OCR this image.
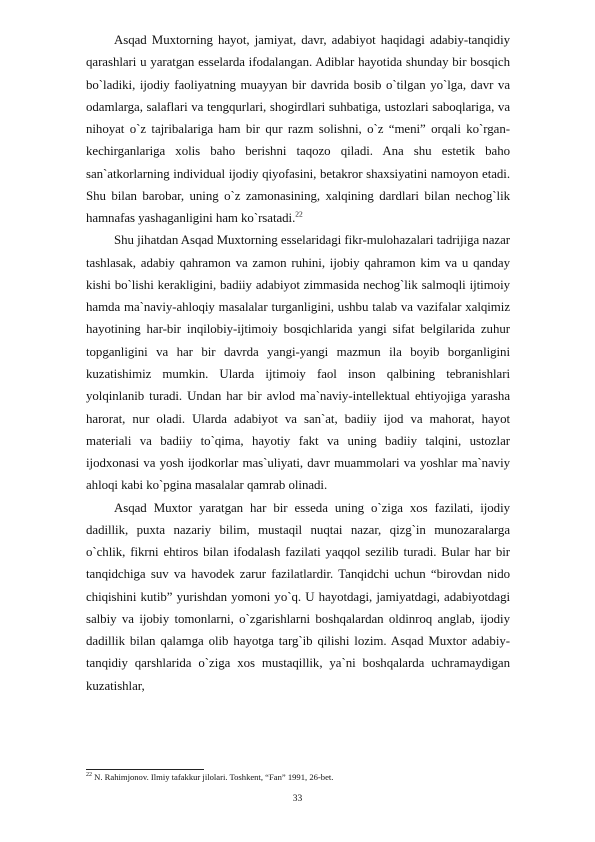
Asqad Muxtorning hayot, jamiyat, davr, adabiyot haqidagi adabiy-tanqidiy qarashlari u yaratgan esselarda ifodalangan. Adiblar hayotida shunday bir bosqich bo`ladiki, ijodiy faoliyatning muayyan bir davrida bosib o`tilgan yo`lga, davr va odamlarga, salaflari va tengqurlari, shogirdlari suhbatiga, ustozlari saboqlariga, va nihoyat o`z tajribalariga ham bir qur razm solishni, o`z “meni” orqali ko`rgan-kechirganlariga xolis baho berishni taqozo qiladi. Ana shu estetik baho san`atkorlarning individual ijodiy qiyofasini, betakror shaxsiyatini namoyon etadi. Shu bilan barobar, uning o`z zamonasining, xalqining dardlari bilan nechog`lik hamnafas yashaganligini ham ko`rsatadi.$^{22}$

Shu jihatdan Asqad Muxtorning esselaridagi fikr-mulohazalari tadrijiga nazar tashlasak, adabiy qahramon va zamon ruhini, ijobiy qahramon kim va u qanday kishi bo`lishi kerakligini, badiiy adabiyot zimmasida nechog`lik salmoqli ijtimoiy hamda ma`naviy-ahloqiy masalalar turganligini, ushbu talab va vazifalar xalqimiz hayotining har-bir inqilobiy-ijtimoiy bosqichlarida yangi sifat belgilarida zuhur topganligini va har bir davrda yangi-yangi mazmun ila boyib borganligini kuzatishimiz mumkin. Ularda ijtimoiy faol inson qalbining tebranishlari yolqinlanib turadi. Undan har bir avlod ma`naviy-intellektual ehtiyojiga yarasha harorat, nur oladi. Ularda adabiyot va san`at, badiiy ijod va mahorat, hayot materiali va badiiy to`qima, hayotiy fakt va uning badiiy talqini, ustozlar ijodxonasi va yosh ijodkorlar mas`uliyati, davr muammolari va yoshlar ma`naviy ahloqi kabi ko`pgina masalalar qamrab olinadi.

Asqad Muxtor yaratgan har bir esseda uning o`ziga xos fazilati, ijodiy dadillik, puxta nazariy bilim, mustaqil nuqtai nazar, qizg`in munozaralarga o`chlik, fikrni ehtiros bilan ifodalash fazilati yaqqol sezilib turadi. Bular har bir tanqidchiga suv va havodek zarur fazilatlardir. Tanqidchi uchun “birovdan nido chiqishini kutib” yurishdan yomoni yo`q. U hayotdagi, jamiyatdagi, adabiyotdagi salbiy va ijobiy tomonlarni, o`zgarishlarni boshqalardan oldinroq anglab, ijodiy dadillik bilan qalamga olib hayotga targ`ib qilishi lozim. Asqad Muxtor adabiy-tanqidiy qarshlarida o`ziga xos mustaqillik, ya`ni boshqalarda uchramaydigan kuzatishlar,

$^{22}$ N. Rahimjonov. Ilmiy tafakkur jilolari. Toshkent, “Fan” 1991, 26-bet.
33
